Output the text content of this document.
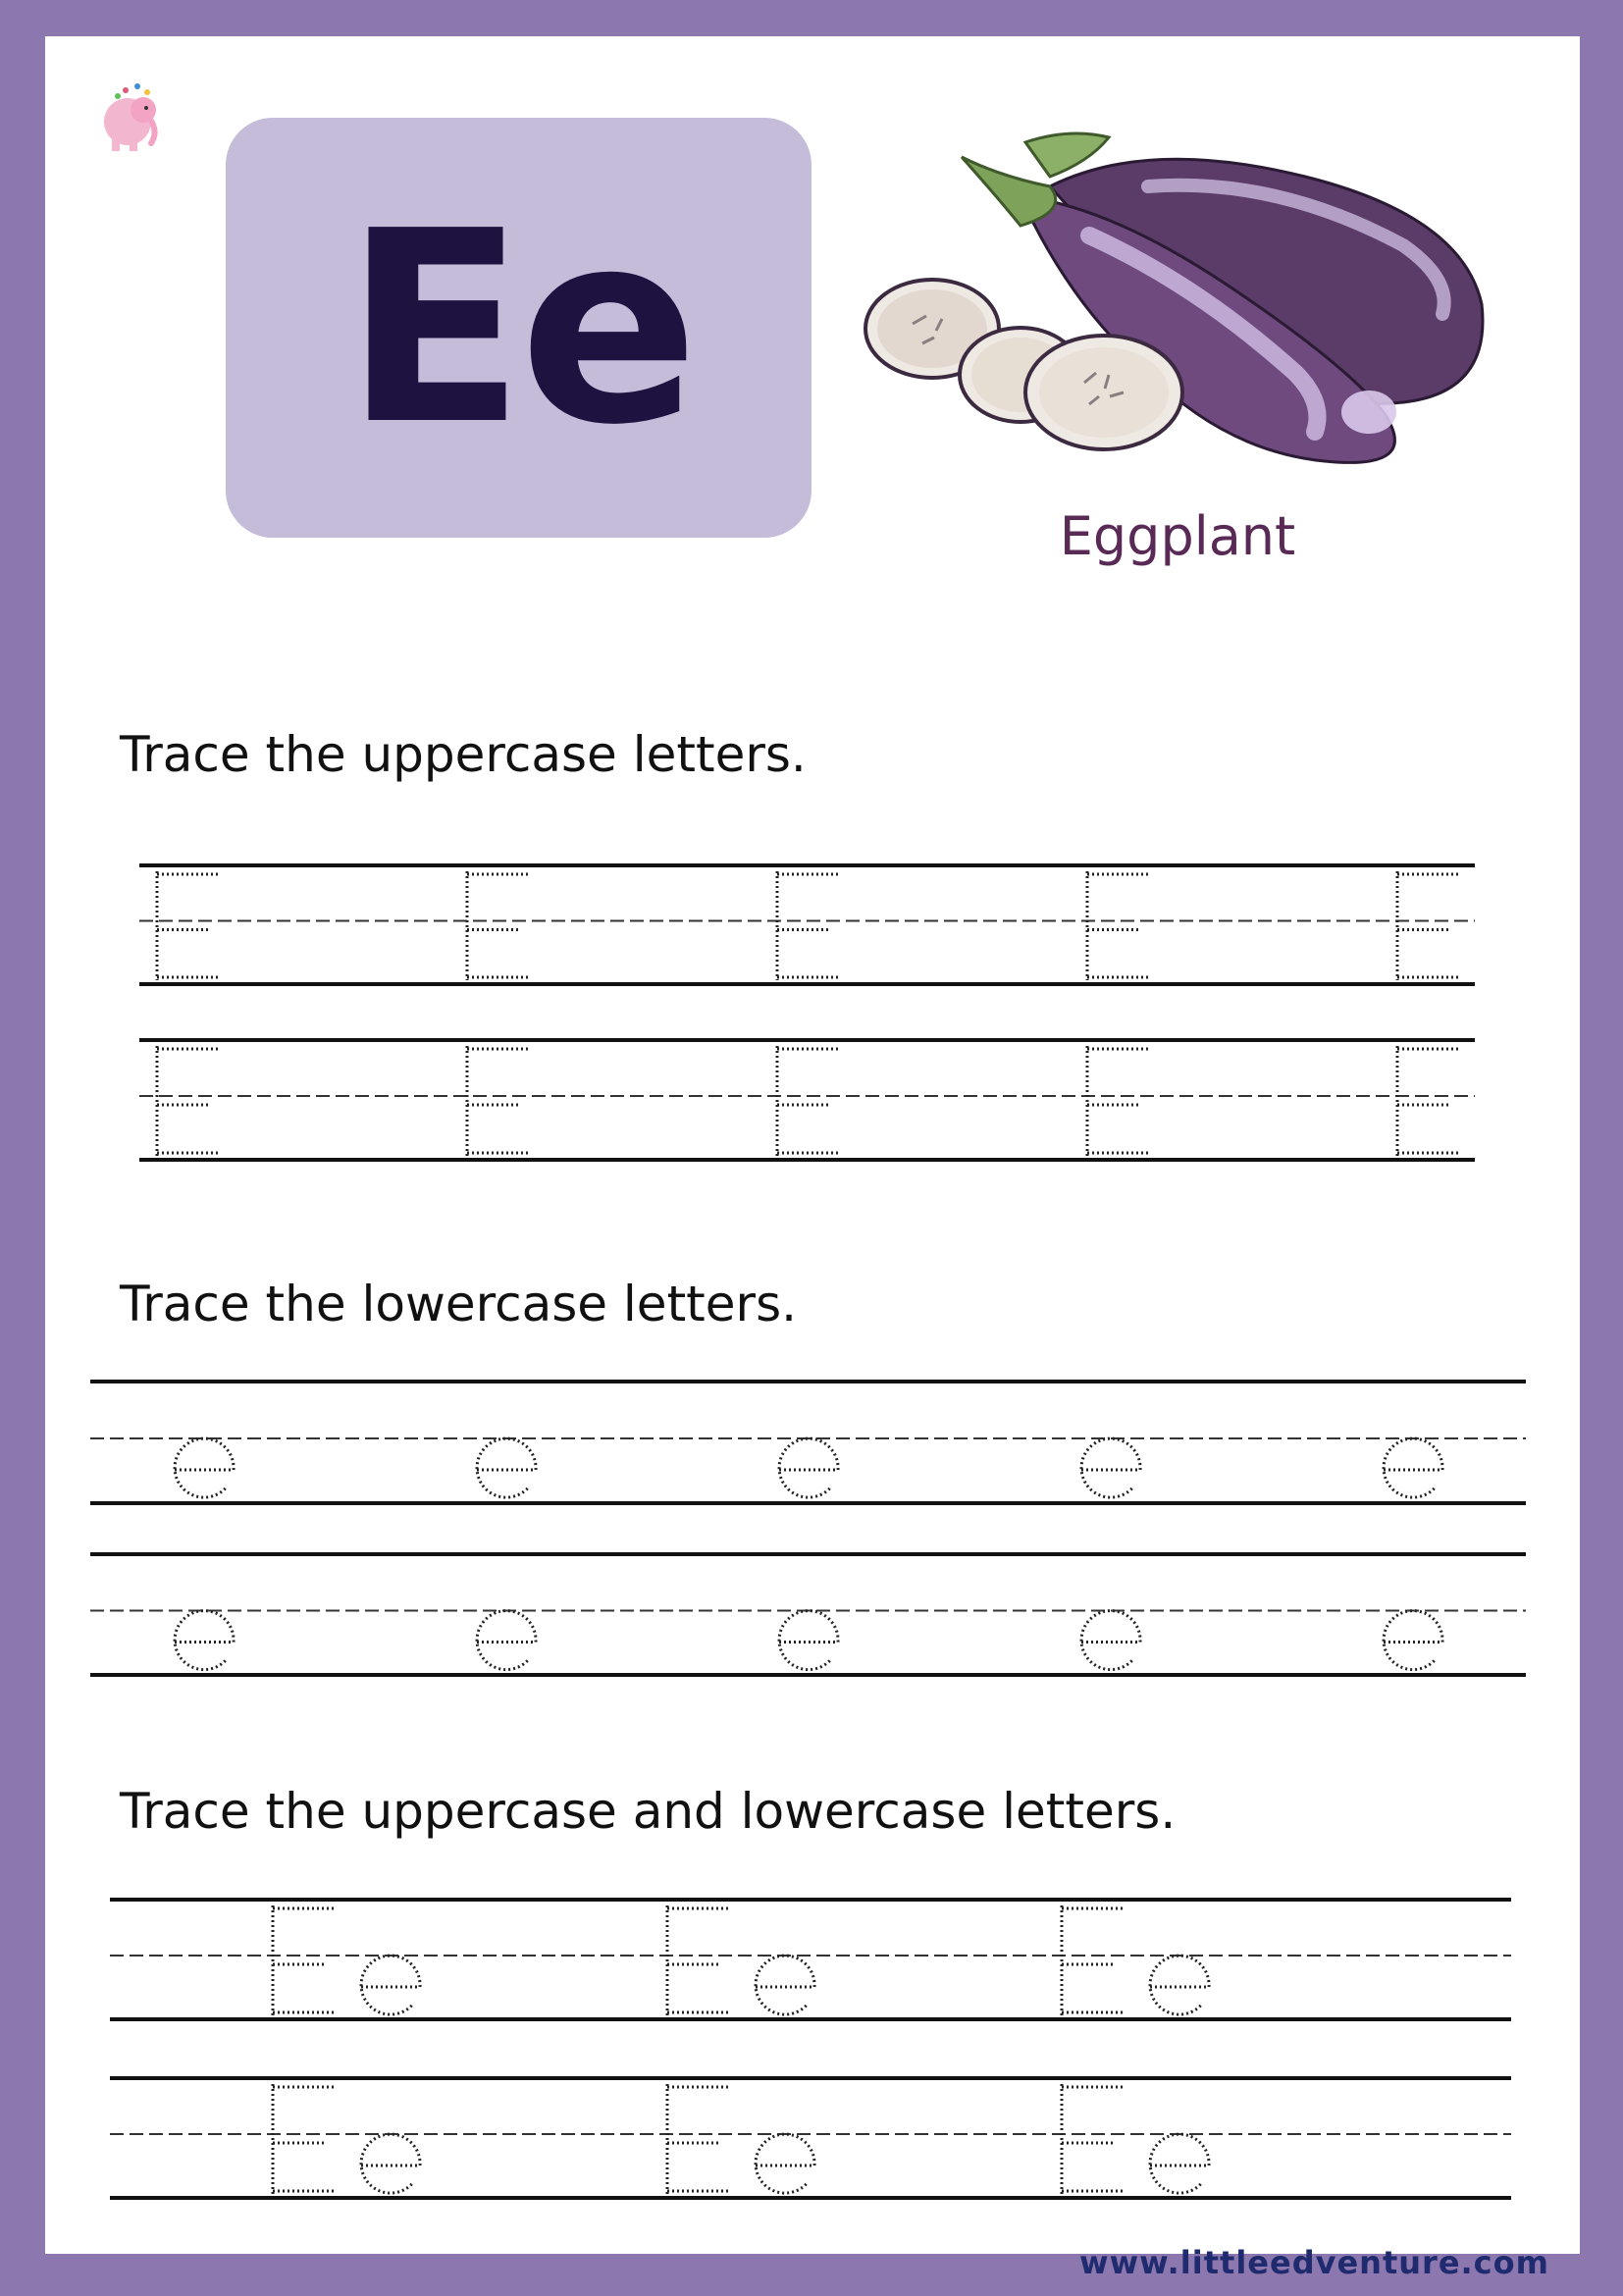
Ee
Eggplant
Trace the uppercase letters.
Trace the lowercase letters.
Trace the uppercase and lowercase letters.
www.littleedventure.com
